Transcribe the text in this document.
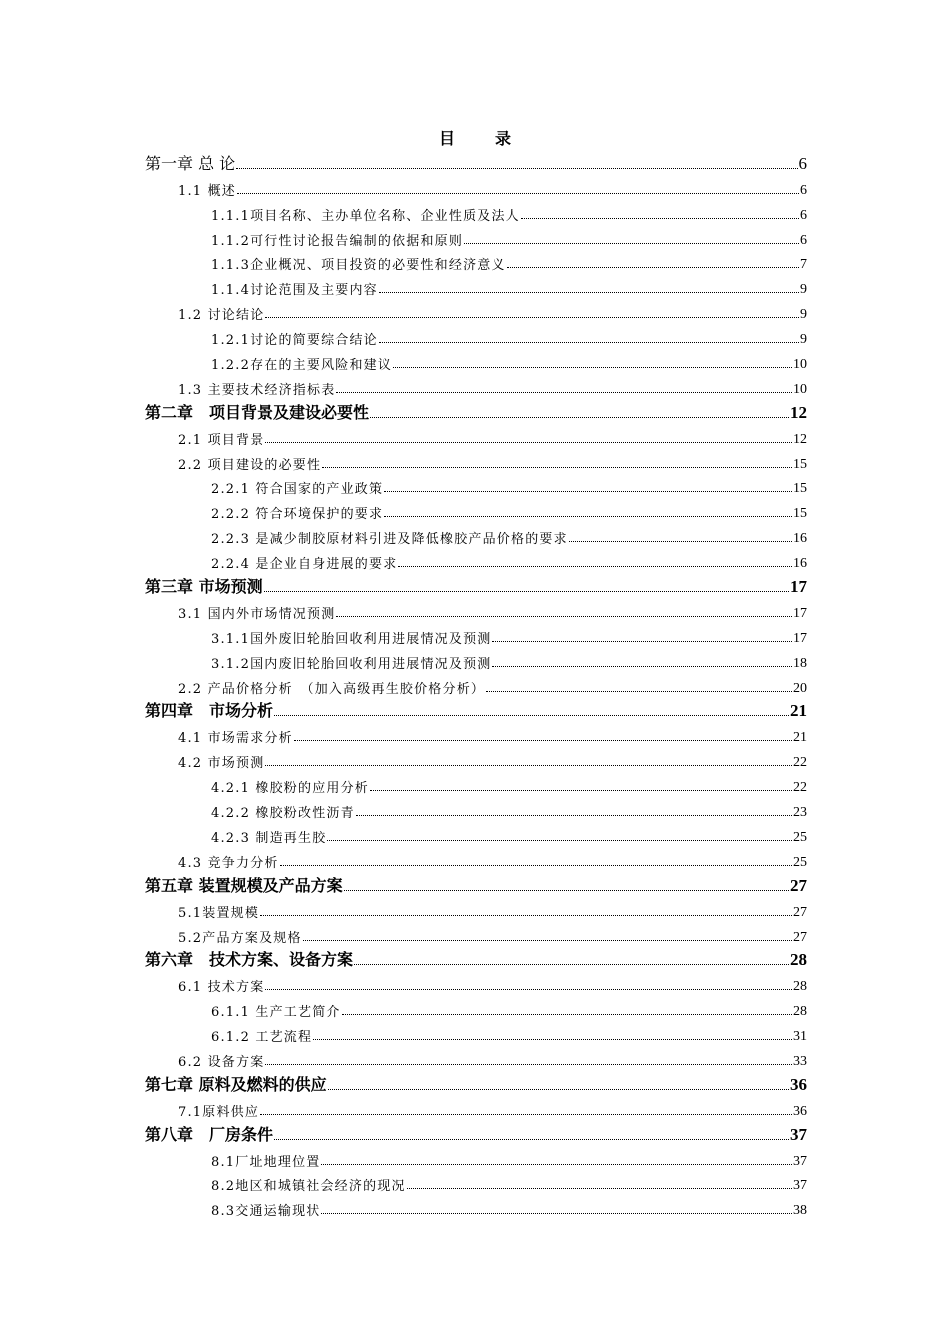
目	录
第一章 总 论	6
1.1 概述	6
1.1.1项目名称、主办单位名称、企业性质及法人	6
1.1.2可行性讨论报告编制的依据和原则	6
1.1.3企业概况、项目投资的必要性和经济意义	7
1.1.4讨论范围及主要内容	9
1.2 讨论结论	9
1.2.1讨论的简要综合结论	9
1.2.2存在的主要风险和建议	10
1.3 主要技术经济指标表	10
第二章　项目背景及建设必要性	12
2.1 项目背景	12
2.2 项目建设的必要性	15
2.2.1 符合国家的产业政策	15
2.2.2 符合环境保护的要求	15
2.2.3 是减少制胶原材料引进及降低橡胶产品价格的要求	16
2.2.4 是企业自身进展的要求	16
第三章 市场预测	17
3.1 国内外市场情况预测	17
3.1.1国外废旧轮胎回收利用进展情况及预测	17
3.1.2国内废旧轮胎回收利用进展情况及预测	18
2.2 产品价格分析　（加入高级再生胶价格分析）	20
第四章　市场分析	21
4.1 市场需求分析	21
4.2 市场预测	22
4.2.1 橡胶粉的应用分析	22
4.2.2 橡胶粉改性沥青	23
4.2.3 制造再生胶	25
4.3 竞争力分析	25
第五章 装置规模及产品方案	27
5.1装置规模	27
5.2产品方案及规格	27
第六章　技术方案、设备方案	28
6.1 技术方案	28
6.1.1 生产工艺简介	28
6.1.2 工艺流程	31
6.2 设备方案	33
第七章 原料及燃料的供应	36
7.1原料供应	36
第八章　厂房条件	37
8.1厂址地理位置	37
8.2地区和城镇社会经济的现况	37
8.3交通运输现状	38
